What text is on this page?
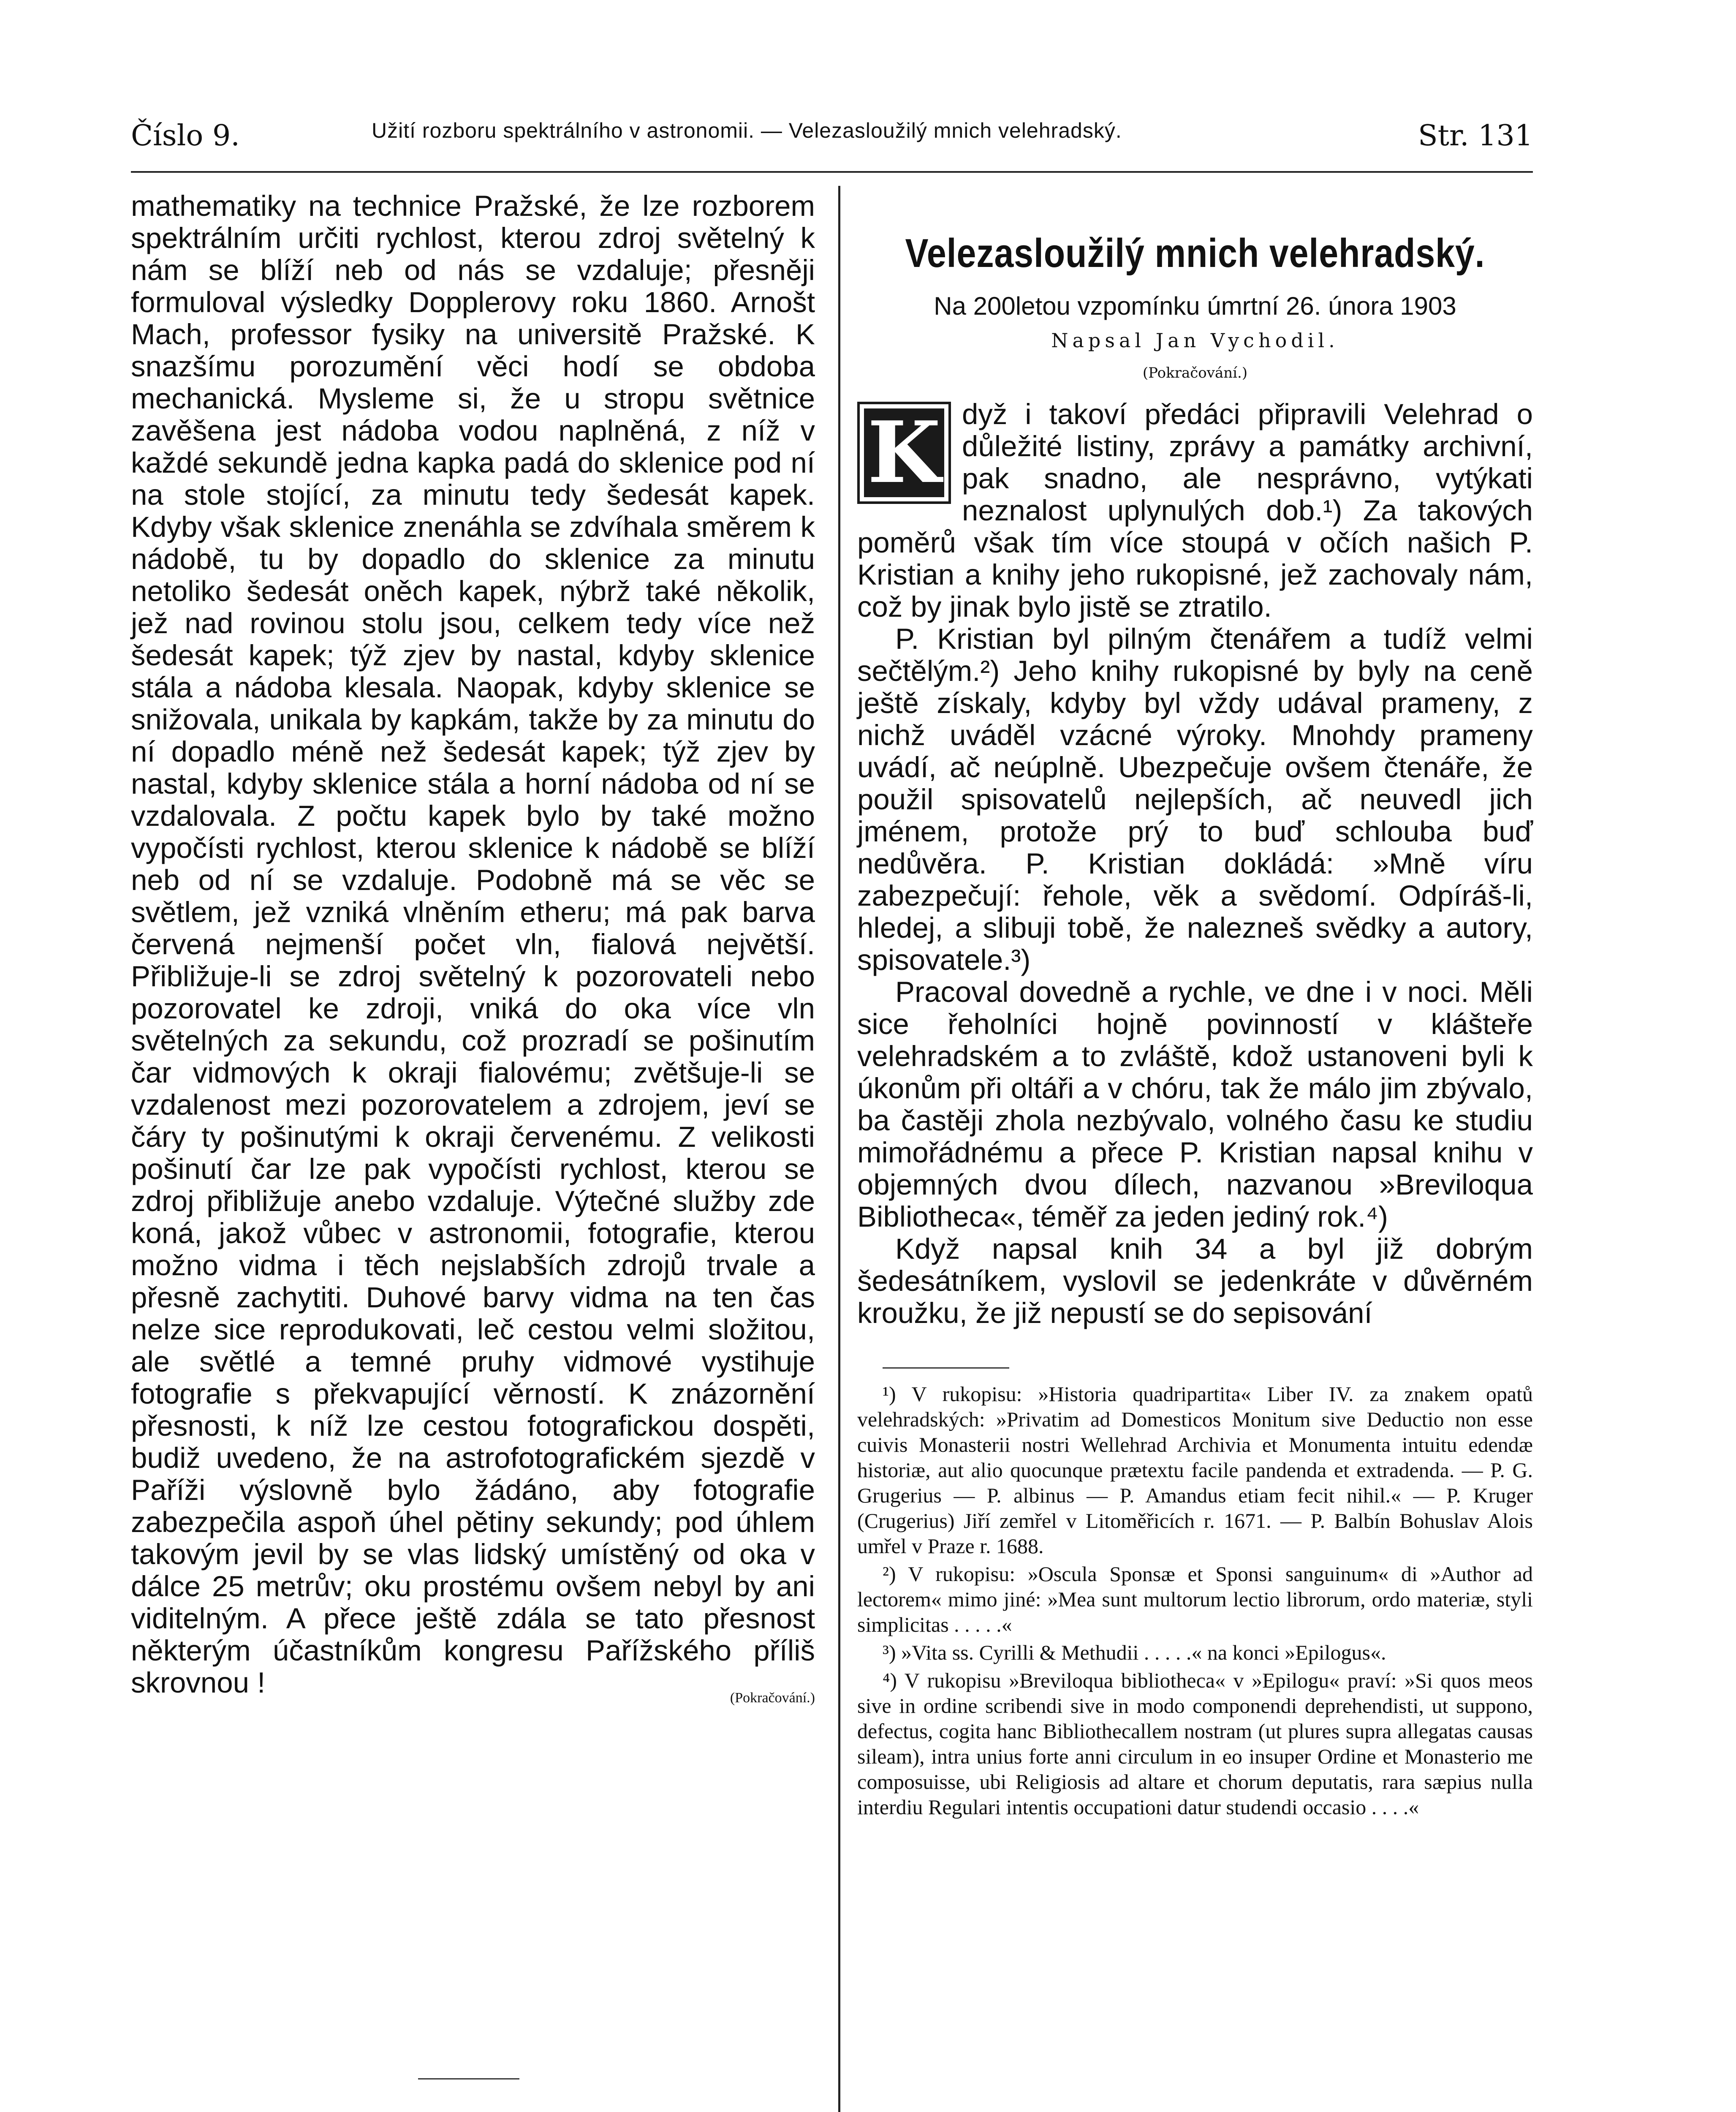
Číslo 9.	Užití rozboru spektrálního v astronomii. — Velezasloužilý mnich velehradský.	Str. 131

mathematiky na technice Pražské, že lze rozborem spektrálním určiti rychlost, kterou zdroj světelný k nám se blíží neb od nás se vzdaluje; přesněji formuloval výsledky Dopplerovy roku 1860. Arnošt Mach, professor fysiky na universitě Pražské. K snazšímu porozumění věci hodí se obdoba mechanická. Mysleme si, že u stropu světnice zavěšena jest nádoba vodou naplněná, z níž v každé sekundě jedna kapka padá do sklenice pod ní na stole stojící, za minutu tedy šedesát kapek. Kdyby však sklenice znenáhla se zdvíhala směrem k nádobě, tu by dopadlo do sklenice za minutu netoliko šedesát oněch kapek, nýbrž také několik, jež nad rovinou stolu jsou, celkem tedy více než šedesát kapek; týž zjev by nastal, kdyby sklenice stála a nádoba klesala. Naopak, kdyby sklenice se snižovala, unikala by kapkám, takže by za minutu do ní dopadlo méně než šedesát kapek; týž zjev by nastal, kdyby sklenice stála a horní nádoba od ní se vzdalovala. Z počtu kapek bylo by také možno vypočísti rychlost, kterou sklenice k nádobě se blíží neb od ní se vzdaluje. Podobně má se věc se světlem, jež vzniká vlněním etheru; má pak barva červená nejmenší počet vln, fialová největší. Přibližuje-li se zdroj světelný k pozorovateli nebo pozorovatel ke zdroji, vniká do oka více vln světelných za sekundu, což prozradí se pošinutím čar vidmových k okraji fialovému; zvětšuje-li se vzdalenost mezi pozorovatelem a zdrojem, jeví se čáry ty pošinutými k okraji červenému. Z velikosti pošinutí čar lze pak vypočísti rychlost, kterou se zdroj přibližuje anebo vzdaluje. Výtečné služby zde koná, jakož vůbec v astronomii, fotografie, kterou možno vidma i těch nejslabších zdrojů trvale a přesně zachytiti. Duhové barvy vidma na ten čas nelze sice reprodukovati, leč cestou velmi složitou, ale světlé a temné pruhy vidmové vystihuje fotografie s překvapující věrností. K znázornění přesnosti, k níž lze cestou fotografickou dospěti, budiž uvedeno, že na astrofotografickém sjezdě v Paříži výslovně bylo žádáno, aby fotografie zabezpečila aspoň úhel pětiny sekundy; pod úhlem takovým jevil by se vlas lidský umístěný od oka v dálce 25 metrův; oku prostému ovšem nebyl by ani viditelným. A přece ještě zdála se tato přesnost některým účastníkům kongresu Pařížského příliš skrovnou !	(Pokračování.)
Velezasloužilý mnich velehradský.
Na 200letou vzpomínku úmrtní 26. února 1903
Napsal Jan Vychodil.
(Pokračování.)

K dyž i takoví předáci připravili Velehrad o důležité listiny, zprávy a památky archivní, pak snadno, ale nesprávno, vytýkati neznalost uplynulých dob.¹) Za takových poměrů však tím více stoupá v očích našich P. Kristian a knihy jeho rukopisné, jež zachovaly nám, což by jinak bylo jistě se ztratilo.

P. Kristian byl pilným čtenářem a tudíž velmi sečtělým.²) Jeho knihy rukopisné by byly na ceně ještě získaly, kdyby byl vždy udával prameny, z nichž uváděl vzácné výroky. Mnohdy prameny uvádí, ač neúplně. Ubezpečuje ovšem čtenáře, že použil spisovatelů nejlepších, ač neuvedl jich jménem, protože prý to buď schlouba buď nedůvěra. P. Kristian dokládá: »Mně víru zabezpečují: řehole, věk a svědomí. Odpíráš-li, hledej, a slibuji tobě, že nalezneš svědky a autory, spisovatele.³)

Pracoval dovedně a rychle, ve dne i v noci. Měli sice řeholníci hojně povinností v klášteře velehradském a to zvláště, kdož ustanoveni byli k úkonům při oltáři a v chóru, tak že málo jim zbývalo, ba častěji zhola nezbývalo, volného času ke studiu mimořádnému a přece P. Kristian napsal knihu v objemných dvou dílech, nazvanou »Breviloqua Bibliotheca«, téměř za jeden jediný rok.⁴)

Když napsal knih 34 a byl již dobrým šedesátníkem, vyslovil se jedenkráte v důvěrném kroužku, že již nepustí se do sepisování

¹) V rukopisu: »Historia quadripartita« Liber IV. za znakem opatů velehradských: »Privatim ad Domesticos Monitum sive Deductio non esse cuivis Monasterii nostri Wellehrad Archivia et Monumenta intuitu edendæ historiæ, aut alio quocunque prætextu facile pandenda et extradenda. — P. G. Grugerius — P. albinus — P. Amandus etiam fecit nihil.« — P. Kruger (Crugerius) Jiří zemřel v Litoměřicích r. 1671. — P. Balbín Bohuslav Alois umřel v Praze r. 1688.

²) V rukopisu: »Oscula Sponsæ et Sponsi sanguinum« di »Author ad lectorem« mimo jiné: »Mea sunt multorum lectio librorum, ordo materiæ, styli simplicitas . . . . .«

³) »Vita ss. Cyrilli & Methudii . . . . .« na konci »Epilogus«.

⁴) V rukopisu »Breviloqua bibliotheca« v »Epilogu« praví: »Si quos meos sive in ordine scribendi sive in modo componendi deprehendisti, ut suppono, defectus, cogita hanc Bibliothecallem nostram (ut plures supra allegatas causas sileam), intra unius forte anni circulum in eo insuper Ordine et Monasterio me composuisse, ubi Religiosis ad altare et chorum deputatis, rara sæpius nulla interdiu Regulari intentis occupationi datur studendi occasio . . . .«
